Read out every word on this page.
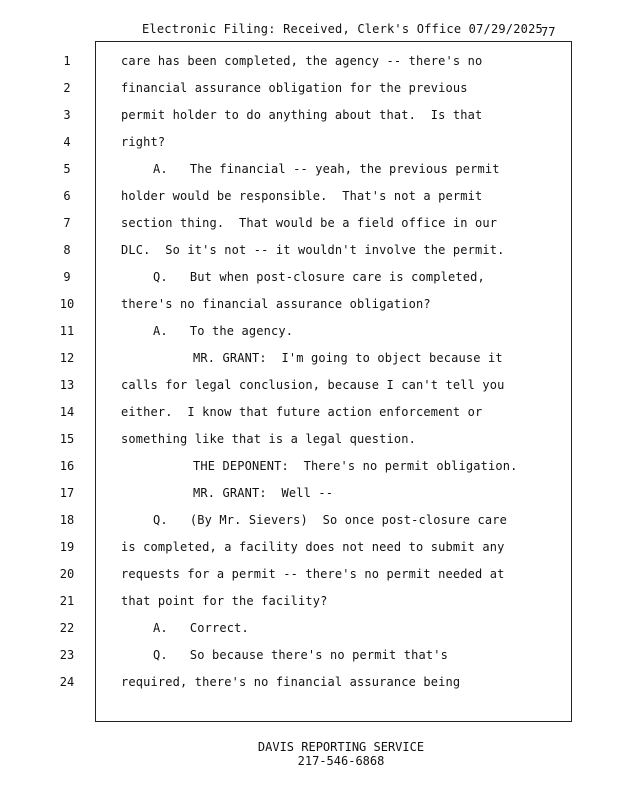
Electronic Filing: Received, Clerk's Office 07/29/2025
77
1
2
3
4
5
6
7
8
9
10
11
12
13
14
15
16
17
18
19
20
21
22
23
24
care has been completed, the agency -- there's no
financial assurance obligation for the previous
permit holder to do anything about that.  Is that
right?
A.   The financial -- yeah, the previous permit
holder would be responsible.  That's not a permit
section thing.  That would be a field office in our
DLC.  So it's not -- it wouldn't involve the permit.
Q.   But when post-closure care is completed,
there's no financial assurance obligation?
A.   To the agency.
MR. GRANT:  I'm going to object because it
calls for legal conclusion, because I can't tell you
either.  I know that future action enforcement or
something like that is a legal question.
THE DEPONENT:  There's no permit obligation.
MR. GRANT:  Well --
Q.   (By Mr. Sievers)  So once post-closure care
is completed, a facility does not need to submit any
requests for a permit -- there's no permit needed at
that point for the facility?
A.   Correct.
Q.   So because there's no permit that's
required, there's no financial assurance being
DAVIS REPORTING SERVICE
217-546-6868
